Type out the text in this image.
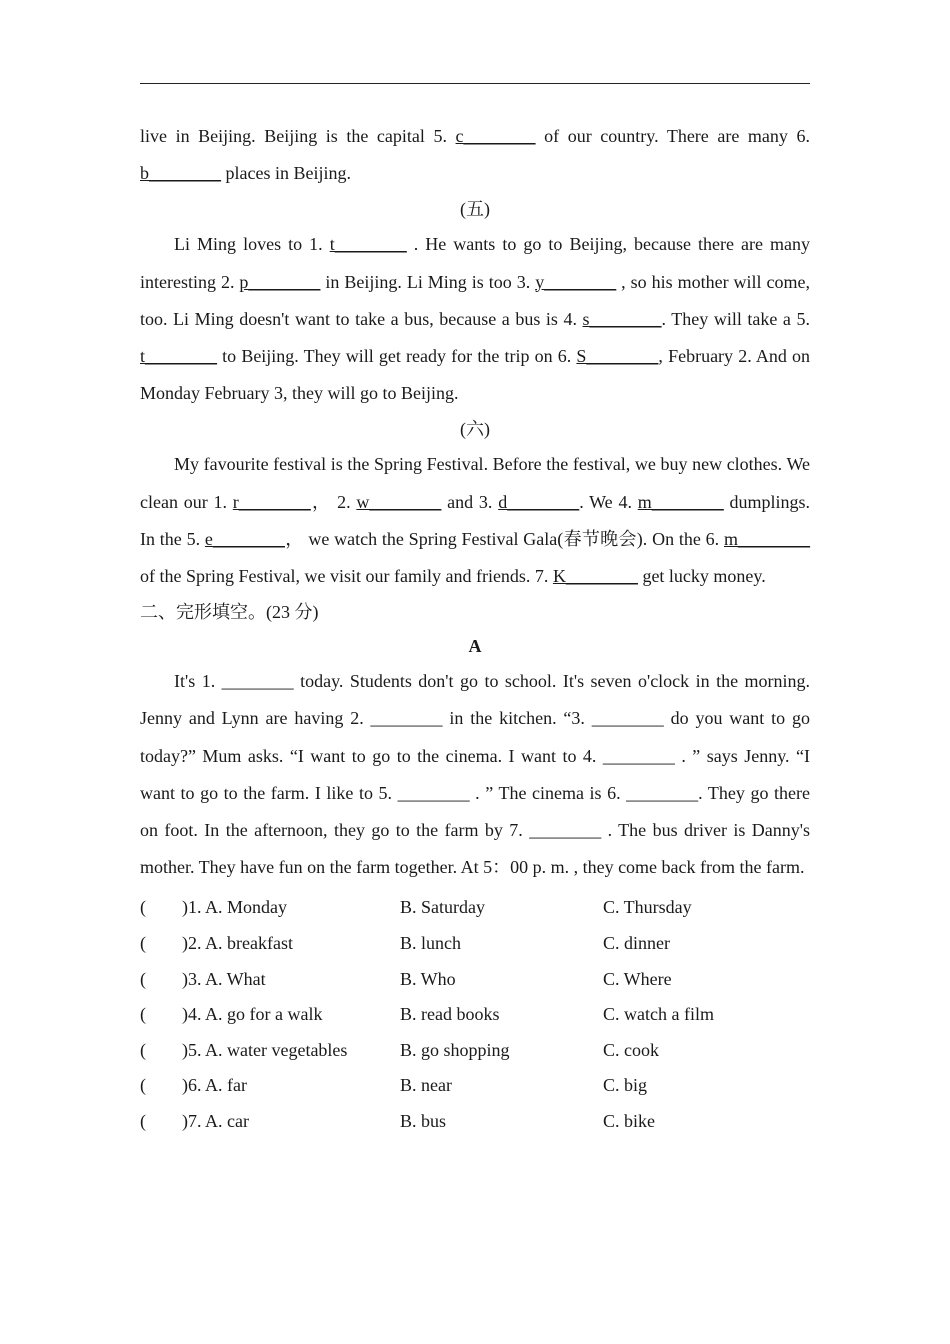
live in Beijing. Beijing is the capital 5. c________ of our country. There are many 6. b________ places in Beijing.

(五)

Li Ming loves to 1. t________ . He wants to go to Beijing, because there are many interesting 2. p________ in Beijing. Li Ming is too 3. y________ , so his mother will come, too. Li Ming doesn't want to take a bus, because a bus is 4. s________. They will take a 5. t________ to Beijing. They will get ready for the trip on 6. S________, February 2. And on Monday February 3, they will go to Beijing.

(六)

My favourite festival is the Spring Festival. Before the festival, we buy new clothes. We clean our 1. r________， 2. w________ and 3. d________. We 4. m________ dumplings. In the 5. e________， we watch the Spring Festival Gala(春节晚会). On the 6. m________ of the Spring Festival, we visit our family and friends. 7. K________ get lucky money.

二、完形填空。(23 分)

A

It's 1. ________ today. Students don't go to school. It's seven o'clock in the morning. Jenny and Lynn are having 2. ________ in the kitchen. “3. ________ do you want to go today?” Mum asks. “I want to go to the cinema. I want to 4. ________ . ” says Jenny. “I want to go to the farm. I like to 5. ________ . ” The cinema is 6. ________. They go there on foot. In the afternoon, they go to the farm by 7. ________ . The bus driver is Danny's mother. They have fun on the farm together. At 5：00 p. m. , they come back from the farm.

(        )1. A. Monday	B. Saturday	C. Thursday
(        )2. A. breakfast	B. lunch	C. dinner
(        )3. A. What	B. Who	C. Where
(        )4. A. go for a walk	B. read books	C. watch a film
(        )5. A. water vegetables	B. go shopping	C. cook
(        )6. A. far	B. near	C. big
(        )7. A. car	B. bus	C. bike
